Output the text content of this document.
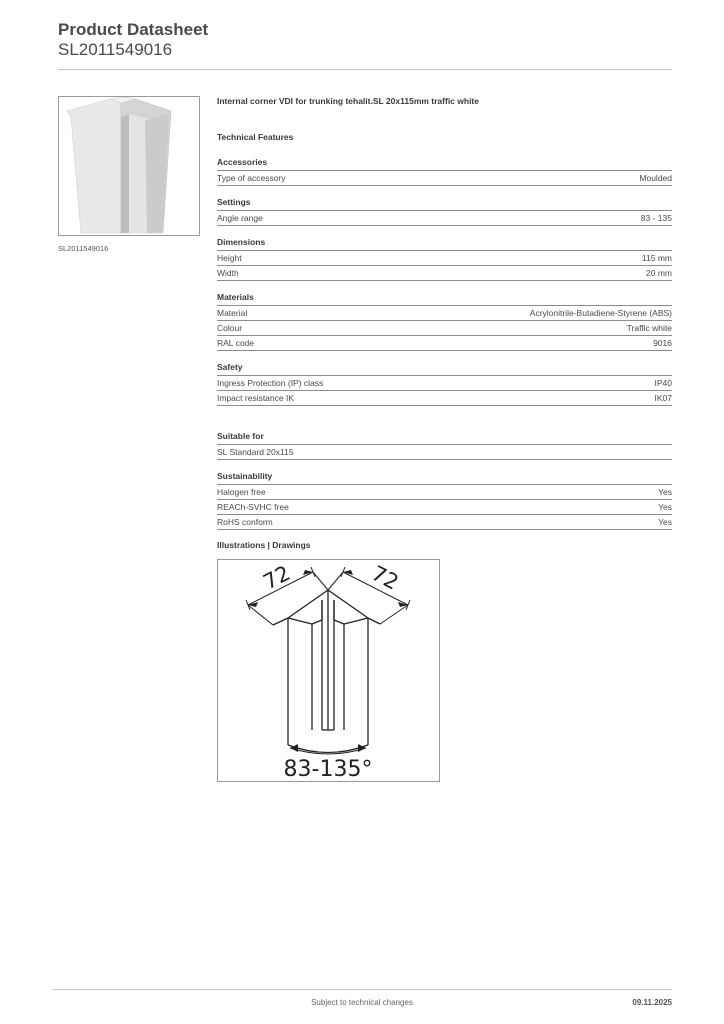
Product Datasheet
SL2011549016
SL2011549016
Internal corner VDI for trunking tehalit.SL 20x115mm traffic white
Technical Features
Accessories
Type of accessory	Moulded
Settings
Angle range	83 - 135
Dimensions
Height	115 mm
Width	20 mm
Materials
Material	Acrylonitrile-Butadiene-Styrene (ABS)
Colour	Traffic white
RAL code	9016
Safety
Ingress Protection (IP) class	IP40
Impact resistance IK	IK07
Suitable for
SL Standard 20x115
Sustainability
Halogen free	Yes
REACh-SVHC free	Yes
RoHS conform	Yes
Illustrations | Drawings
72	72
83-135°
Subject to technical changes	09.11.2025
